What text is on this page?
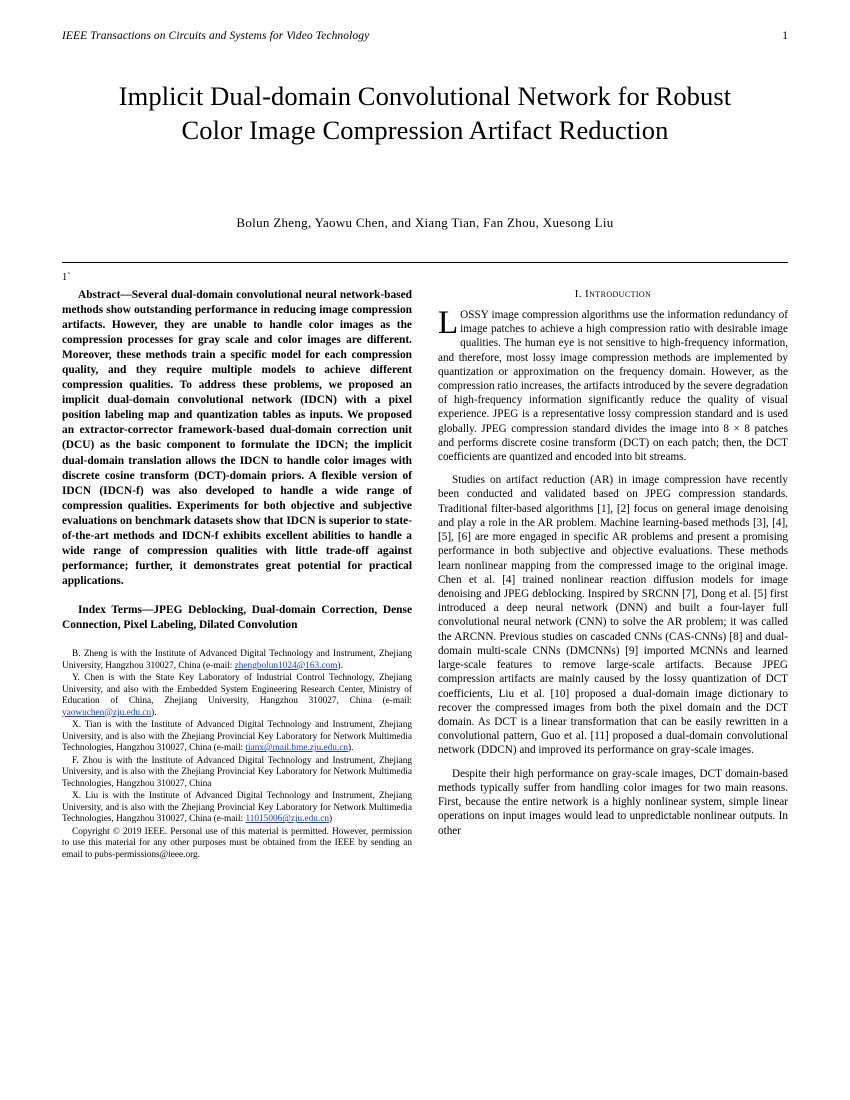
IEEE Transactions on Circuits and Systems for Video Technology	1
Implicit Dual-domain Convolutional Network for Robust Color Image Compression Artifact Reduction
Bolun Zheng, Yaowu Chen, and Xiang Tian, Fan Zhou, Xuesong Liu
1`

Abstract—Several dual-domain convolutional neural network-based methods show outstanding performance in reducing image compression artifacts. However, they are unable to handle color images as the compression processes for gray scale and color images are different. Moreover, these methods train a specific model for each compression quality, and they require multiple models to achieve different compression qualities. To address these problems, we proposed an implicit dual-domain convolutional network (IDCN) with a pixel position labeling map and quantization tables as inputs. We proposed an extractor-corrector framework-based dual-domain correction unit (DCU) as the basic component to formulate the IDCN; the implicit dual-domain translation allows the IDCN to handle color images with discrete cosine transform (DCT)-domain priors. A flexible version of IDCN (IDCN-f) was also developed to handle a wide range of compression qualities. Experiments for both objective and subjective evaluations on benchmark datasets show that IDCN is superior to state-of-the-art methods and IDCN-f exhibits excellent abilities to handle a wide range of compression qualities with little trade-off against performance; further, it demonstrates great potential for practical applications.

Index Terms—JPEG Deblocking, Dual-domain Correction, Dense Connection, Pixel Labeling, Dilated Convolution

B. Zheng is with the Institute of Advanced Digital Technology and Instrument, Zhejiang University, Hangzhou 310027, China (e-mail: zhengbolun1024@163.com).

Y. Chen is with the State Key Laboratory of Industrial Control Technology, Zhejiang University, and also with the Embedded System Engineering Research Center, Ministry of Education of China, Zhejiang University, Hangzhou 310027, China (e-mail: yaowuchen@zju.edu.cn).

X. Tian is with the Institute of Advanced Digital Technology and Instrument, Zhejiang University, and is also with the Zhejiang Provincial Key Laboratory for Network Multimedia Technologies, Hangzhou 310027, China (e-mail: tianx@mail.bme.zju.edu.cn).

F. Zhou is with the Institute of Advanced Digital Technology and Instrument, Zhejiang University, and is also with the Zhejiang Provincial Key Laboratory for Network Multimedia Technologies, Hangzhou 310027, China

X. Liu is with the Institute of Advanced Digital Technology and Instrument, Zhejiang University, and is also with the Zhejiang Provincial Key Laboratory for Network Multimedia Technologies, Hangzhou 310027, China (e-mail: 11015006@zju.edu.cn)

Copyright © 2019 IEEE. Personal use of this material is permitted. However, permission to use this material for any other purposes must be obtained from the IEEE by sending an email to pubs-permissions@ieee.org.

I. Introduction

LOSSY image compression algorithms use the information redundancy of image patches to achieve a high compression ratio with desirable image qualities. The human eye is not sensitive to high-frequency information, and therefore, most lossy image compression methods are implemented by quantization or approximation on the frequency domain. However, as the compression ratio increases, the artifacts introduced by the severe degradation of high-frequency information significantly reduce the quality of visual experience. JPEG is a representative lossy compression standard and is used globally. JPEG compression standard divides the image into 8 × 8 patches and performs discrete cosine transform (DCT) on each patch; then, the DCT coefficients are quantized and encoded into bit streams.

Studies on artifact reduction (AR) in image compression have recently been conducted and validated based on JPEG compression standards. Traditional filter-based algorithms [1], [2] focus on general image denoising and play a role in the AR problem. Machine learning-based methods [3], [4], [5], [6] are more engaged in specific AR problems and present a promising performance in both subjective and objective evaluations. These methods learn nonlinear mapping from the compressed image to the original image. Chen et al. [4] trained nonlinear reaction diffusion models for image denoising and JPEG deblocking. Inspired by SRCNN [7], Dong et al. [5] first introduced a deep neural network (DNN) and built a four-layer full convolutional neural network (CNN) to solve the AR problem; it was called the ARCNN. Previous studies on cascaded CNNs (CAS-CNNs) [8] and dual-domain multi-scale CNNs (DMCNNs) [9] imported MCNNs and learned large-scale features to remove large-scale artifacts. Because JPEG compression artifacts are mainly caused by the lossy quantization of DCT coefficients, Liu et al. [10] proposed a dual-domain image dictionary to recover the compressed images from both the pixel domain and the DCT domain. As DCT is a linear transformation that can be easily rewritten in a convolutional pattern, Guo et al. [11] proposed a dual-domain convolutional network (DDCN) and improved its performance on gray-scale images.

Despite their high performance on gray-scale images, DCT domain-based methods typically suffer from handling color images for two main reasons. First, because the entire network is a highly nonlinear system, simple linear operations on input images would lead to unpredictable nonlinear outputs. In other
